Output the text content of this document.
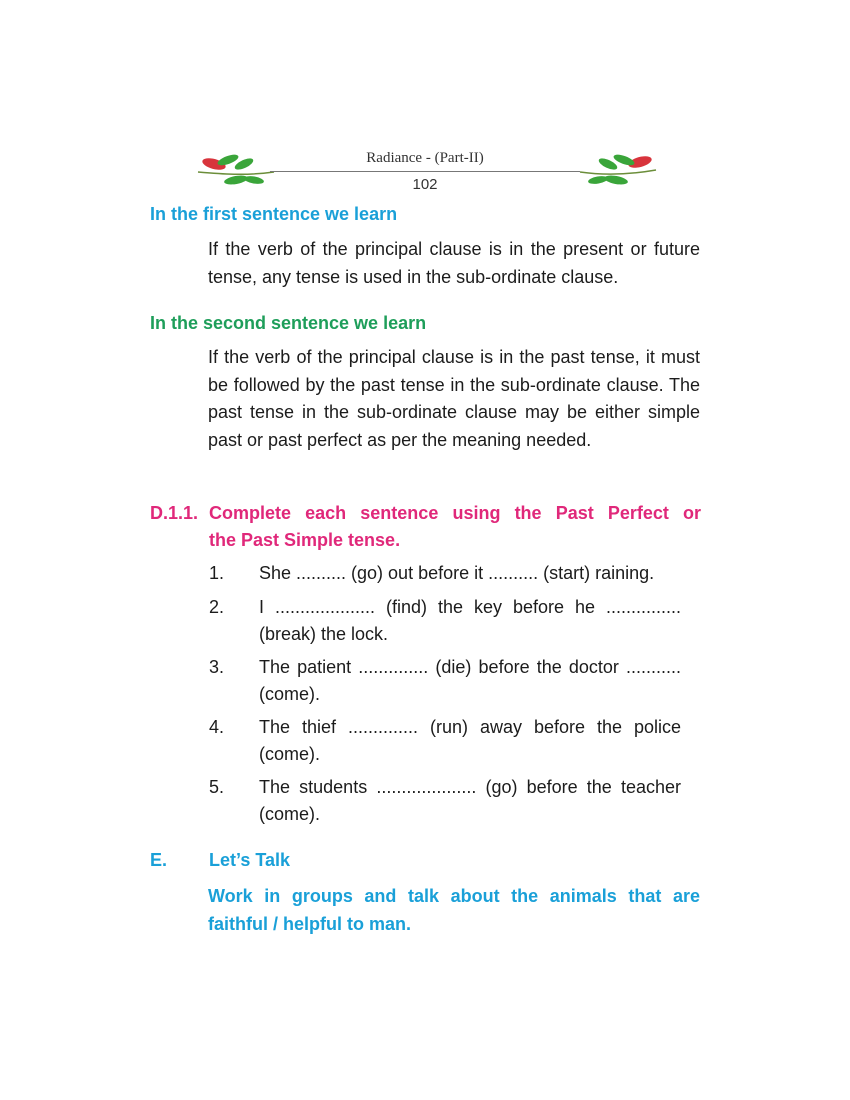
Radiance - (Part-II)
102
In the first sentence we learn
If the verb of the principal clause is in the present or future tense, any tense is used in the sub-ordinate clause.
In the second sentence we learn
If the verb of the principal clause is in the past tense, it must be followed by the past tense in the sub-ordinate clause. The past tense in the sub-ordinate clause may be either simple past or past perfect as per the meaning needed.
D.1.1. Complete each sentence using the Past Perfect or
the Past Simple tense.
1. She .......... (go) out before it .......... (start) raining.
2. I .................... (find) the key before he ............... (break) the lock.
3. The patient .............. (die) before the doctor ........... (come).
4. The thief .............. (run) away before the police (come).
5. The students .................... (go) before the teacher (come).
E. Let’s Talk
Work in groups and talk about the animals that are faithful / helpful to man.
